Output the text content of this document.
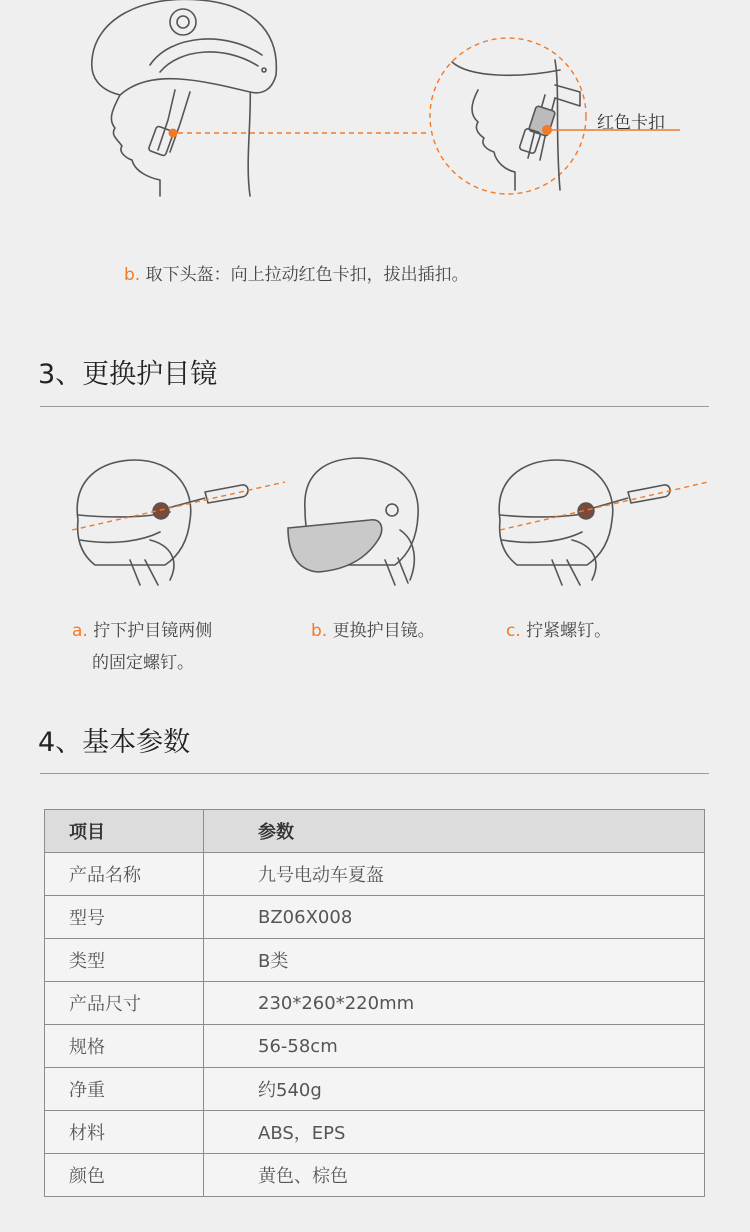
红色卡扣
b. 取下头盔：向上拉动红色卡扣，拔出插扣。
3、更换护目镜
a. 拧下护目镜两侧
的固定螺钉。
b. 更换护目镜。	c. 拧紧螺钉。
4、基本参数
项目	参数
产品名称	九号电动车夏盔
型号	BZ06X008
类型	B类
产品尺寸	230*260*220mm
规格	56-58cm
净重	约540g
材料	ABS，EPS
颜色	黄色、棕色
